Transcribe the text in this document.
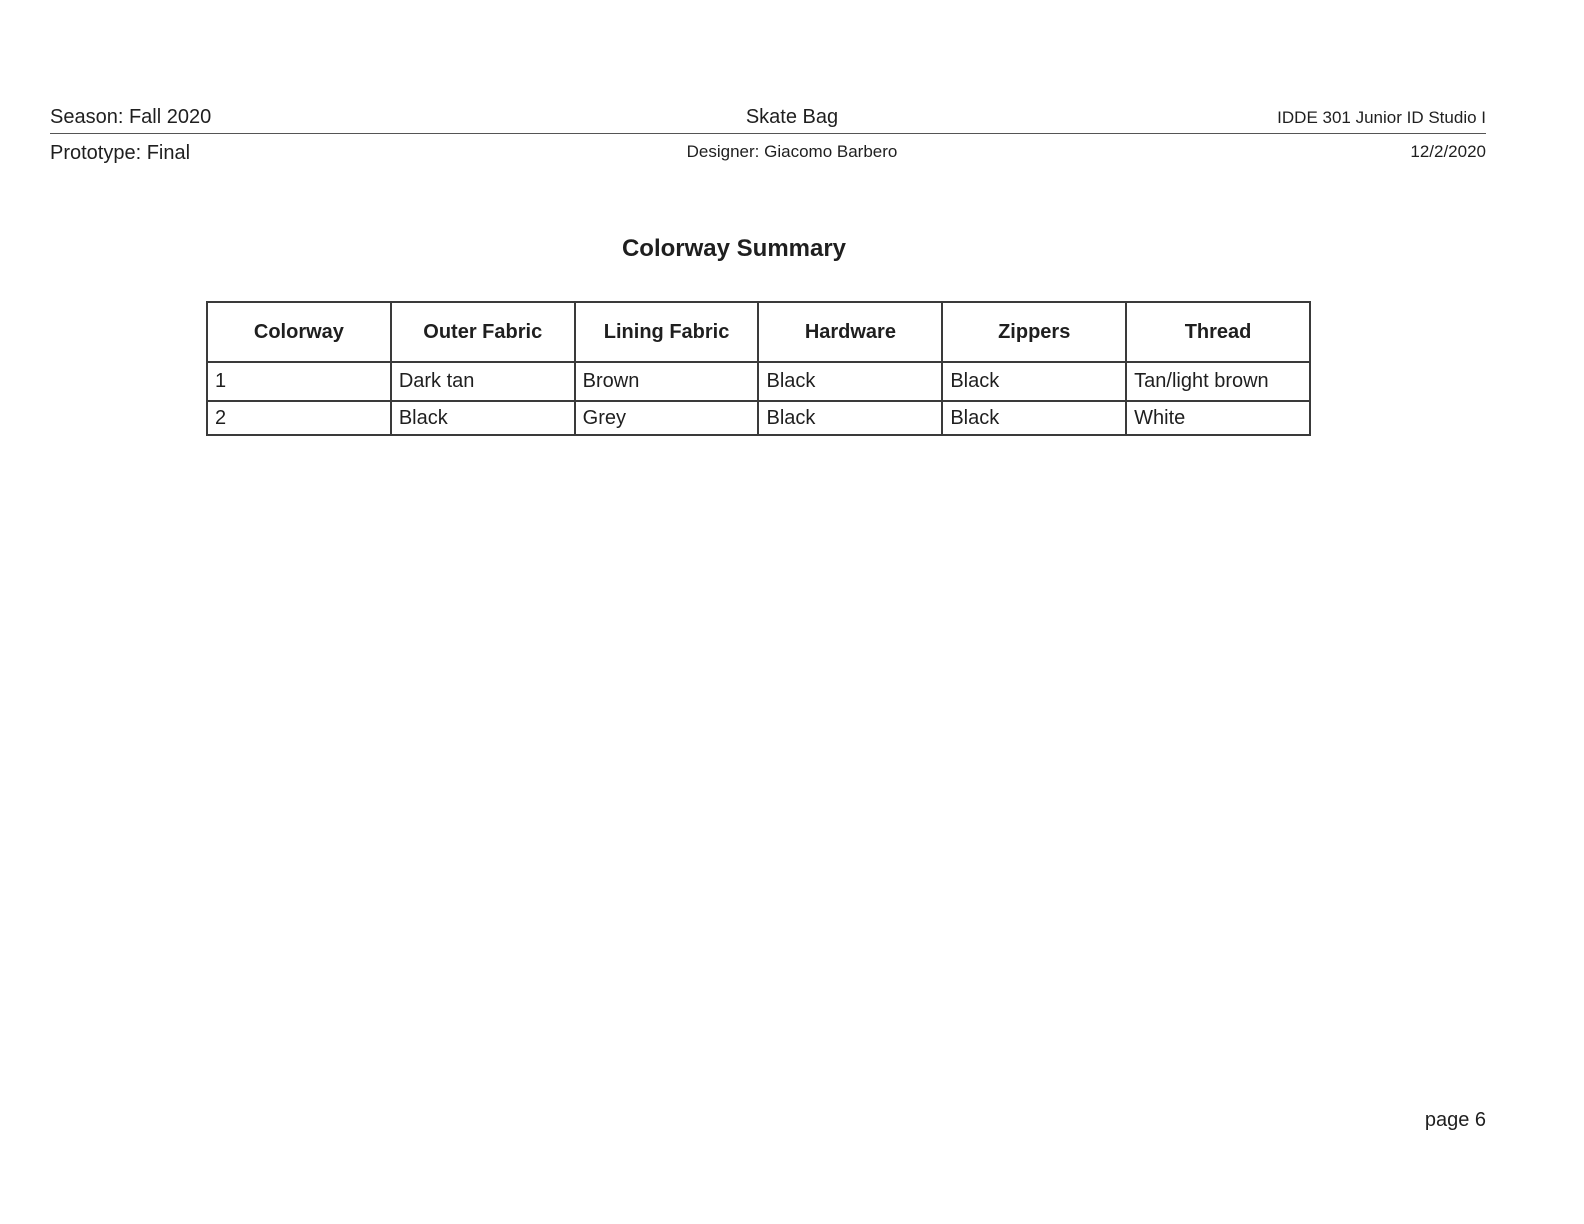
Season: Fall 2020	Skate Bag	IDDE 301 Junior ID Studio I
Prototype: Final	Designer: Giacomo Barbero	12/2/2020
Colorway Summary
Colorway	Outer Fabric	Lining Fabric	Hardware	Zippers	Thread
1	Dark tan	Brown	Black	Black	Tan/light brown
2	Black	Grey	Black	Black	White
page 6
